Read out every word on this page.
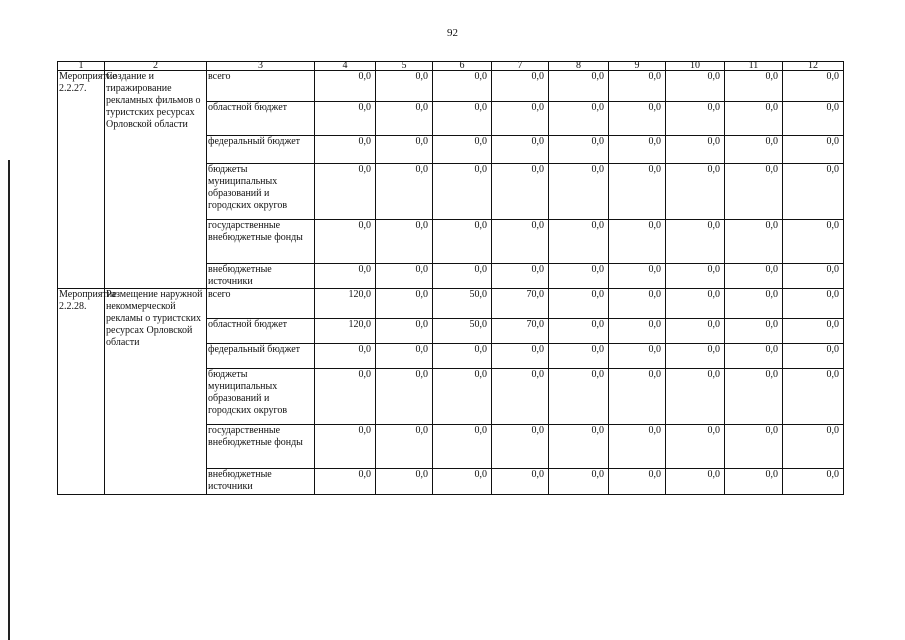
92
1	2	3	4	5	6	7	8	9	10	11	12
Мероприятие 2.2.27.	Создание и тиражирование рекламных фильмов о туристских ресурсах Орловской области	всего	0,0	0,0	0,0	0,0	0,0	0,0	0,0	0,0	0,0
		областной бюджет	0,0	0,0	0,0	0,0	0,0	0,0	0,0	0,0	0,0
		федеральный бюджет	0,0	0,0	0,0	0,0	0,0	0,0	0,0	0,0	0,0
		бюджеты муниципальных образований и городских округов	0,0	0,0	0,0	0,0	0,0	0,0	0,0	0,0	0,0
		государственные внебюджетные фонды	0,0	0,0	0,0	0,0	0,0	0,0	0,0	0,0	0,0
		внебюджетные источники	0,0	0,0	0,0	0,0	0,0	0,0	0,0	0,0	0,0
Мероприятие 2.2.28.	Размещение наружной некоммерческой рекламы о туристских ресурсах Орловской области	всего	120,0	0,0	50,0	70,0	0,0	0,0	0,0	0,0	0,0
		областной бюджет	120,0	0,0	50,0	70,0	0,0	0,0	0,0	0,0	0,0
		федеральный бюджет	0,0	0,0	0,0	0,0	0,0	0,0	0,0	0,0	0,0
		бюджеты муниципальных образований и городских округов	0,0	0,0	0,0	0,0	0,0	0,0	0,0	0,0	0,0
		государственные внебюджетные фонды	0,0	0,0	0,0	0,0	0,0	0,0	0,0	0,0	0,0
		внебюджетные источники	0,0	0,0	0,0	0,0	0,0	0,0	0,0	0,0	0,0
